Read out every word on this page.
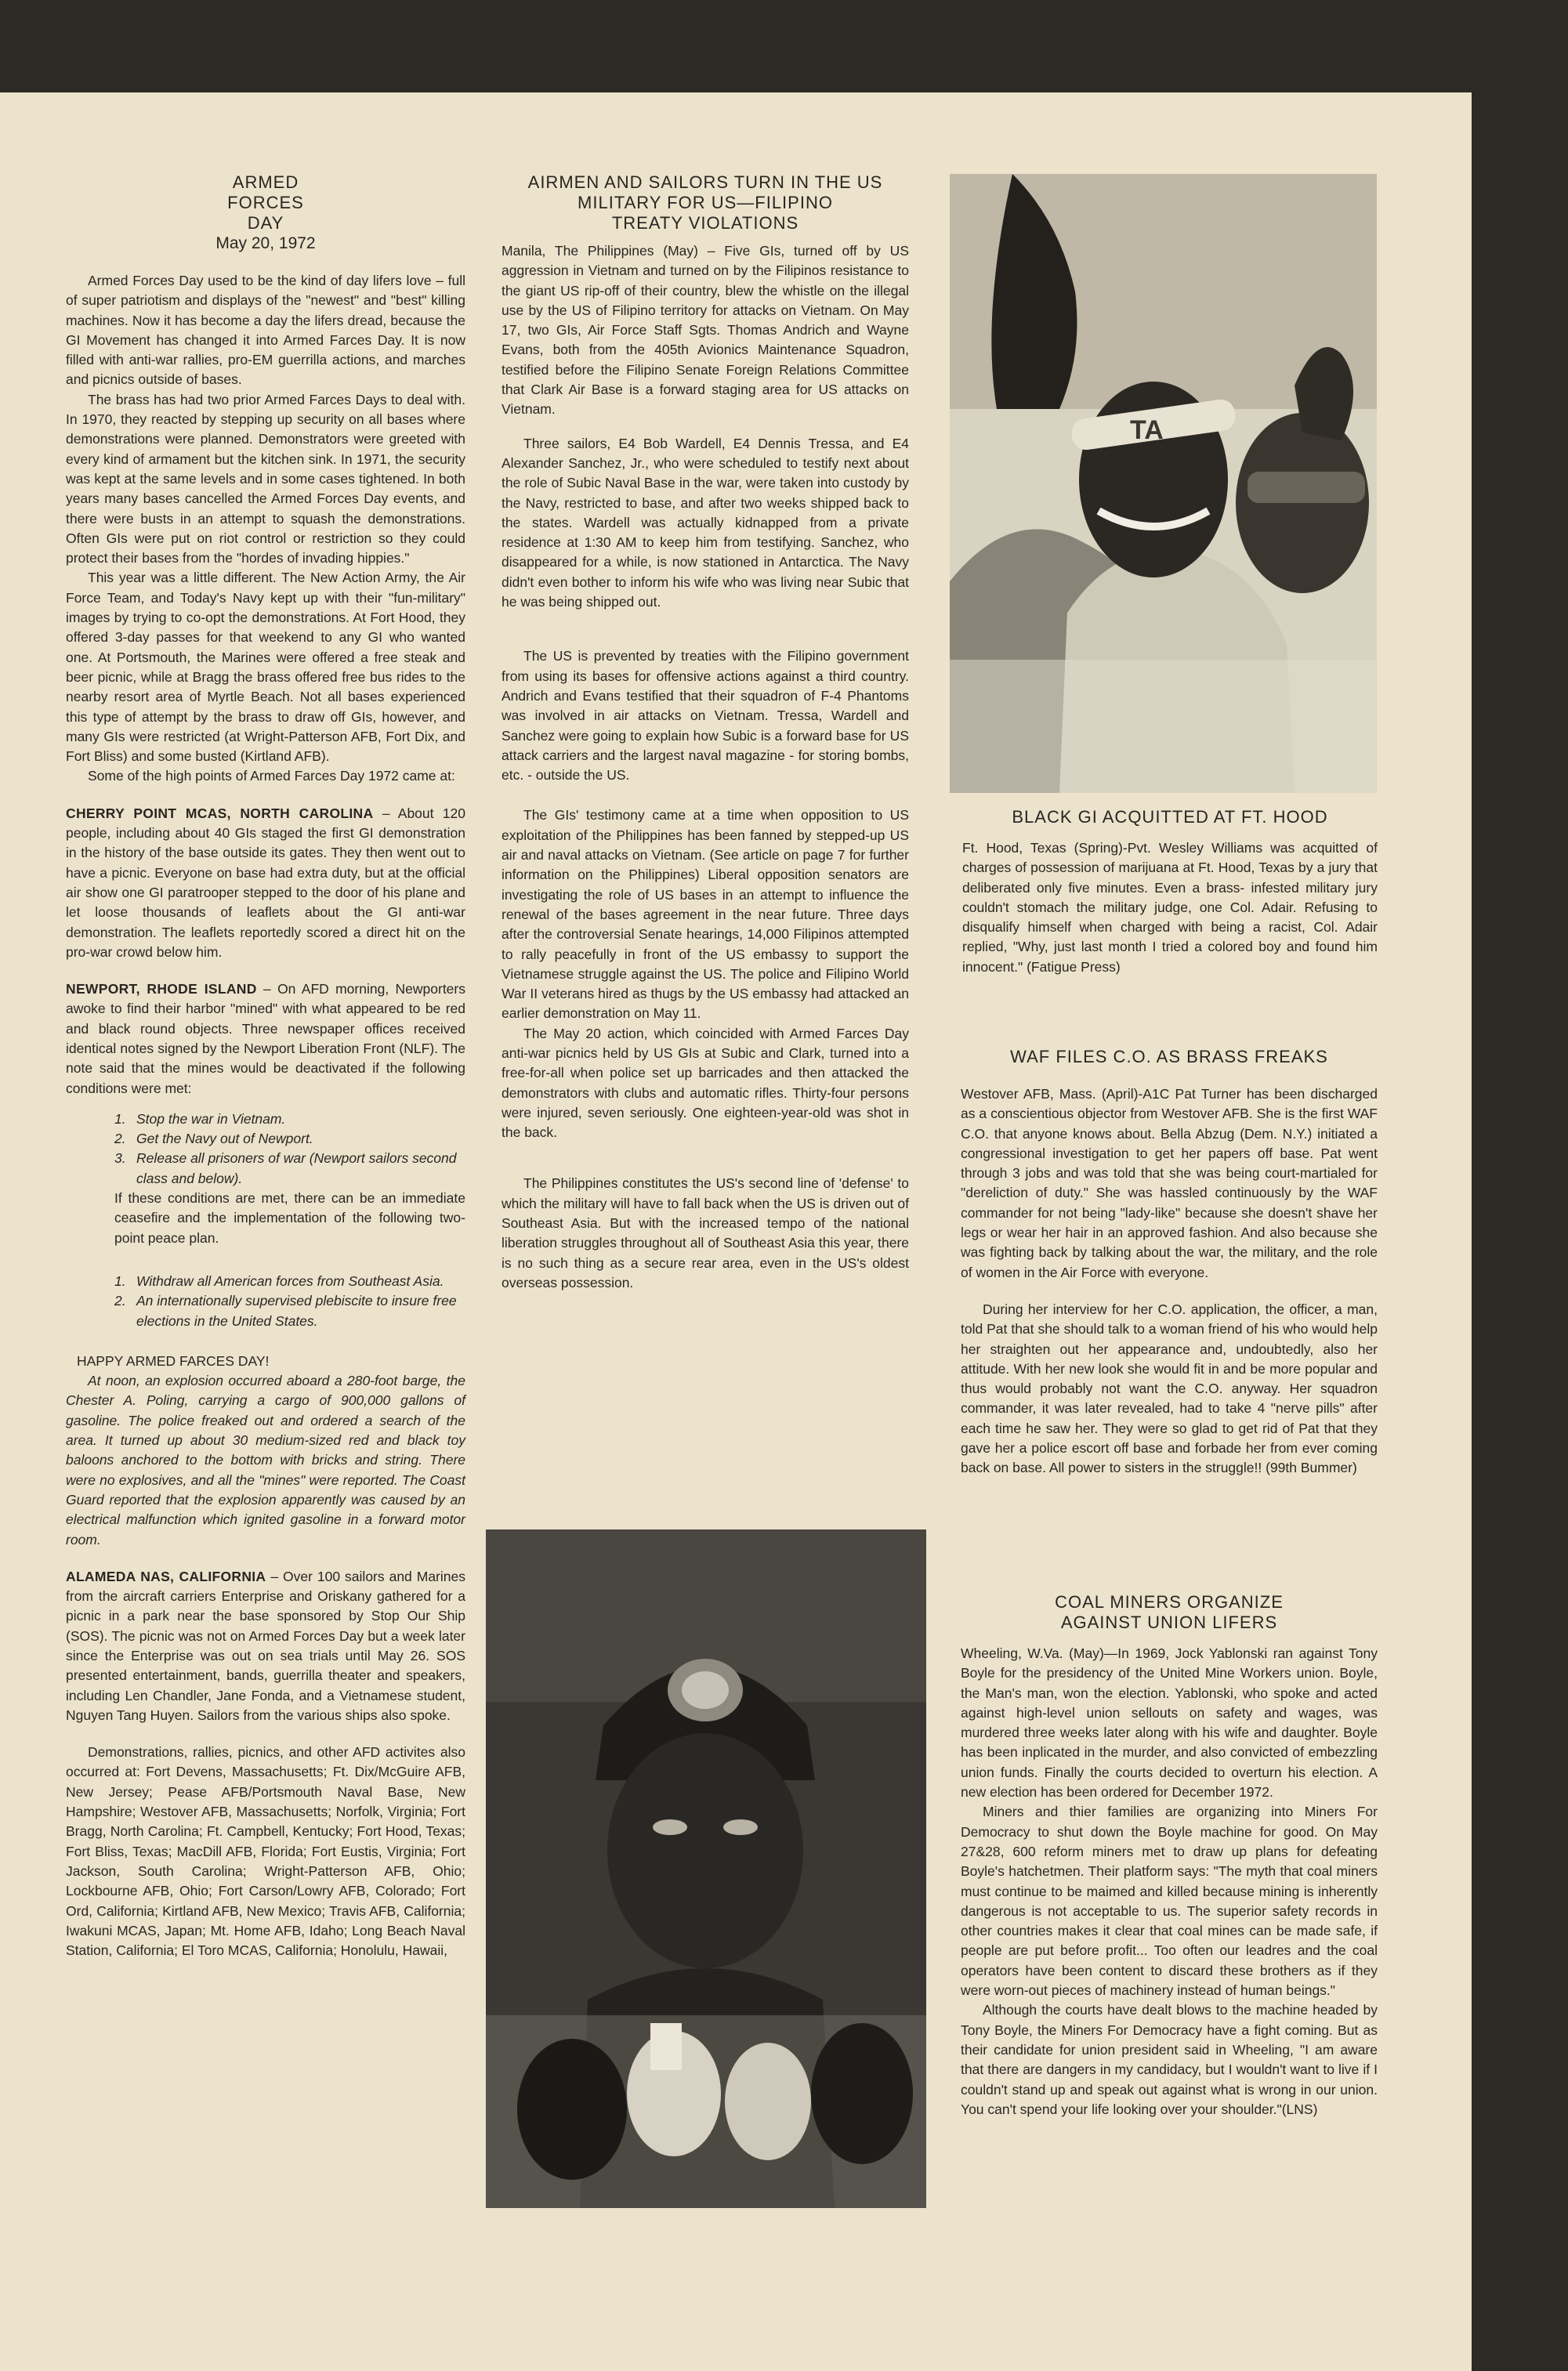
ARMED
FORCES
DAY
May 20, 1972

Armed Forces Day used to be the kind of day lifers love – full of super patriotism and displays of the "newest" and "best" killing machines. Now it has become a day the lifers dread, because the GI Movement has changed it into Armed Farces Day. It is now filled with anti-war rallies, pro-EM guerrilla actions, and marches and picnics outside of bases.

The brass has had two prior Armed Farces Days to deal with. In 1970, they reacted by stepping up security on all bases where demonstrations were planned. Demonstrators were greeted with every kind of armament but the kitchen sink. In 1971, the security was kept at the same levels and in some cases tightened. In both years many bases cancelled the Armed Forces Day events, and there were busts in an attempt to squash the demonstrations. Often GIs were put on riot control or restriction so they could protect their bases from the "hordes of invading hippies."

This year was a little different. The New Action Army, the Air Force Team, and Today's Navy kept up with their "fun-military" images by trying to co-opt the demonstrations. At Fort Hood, they offered 3-day passes for that weekend to any GI who wanted one. At Portsmouth, the Marines were offered a free steak and beer picnic, while at Bragg the brass offered free bus rides to the nearby resort area of Myrtle Beach. Not all bases experienced this type of attempt by the brass to draw off GIs, however, and many GIs were restricted (at Wright-Patterson AFB, Fort Dix, and Fort Bliss) and some busted (Kirtland AFB).

Some of the high points of Armed Farces Day 1972 came at:

CHERRY POINT MCAS, NORTH CAROLINA – About 120 people, including about 40 GIs staged the first GI demonstration in the history of the base outside its gates. They then went out to have a picnic. Everyone on base had extra duty, but at the official air show one GI paratrooper stepped to the door of his plane and let loose thousands of leaflets about the GI anti-war demonstration. The leaflets reportedly scored a direct hit on the pro-war crowd below him.

NEWPORT, RHODE ISLAND – On AFD morning, Newporters awoke to find their harbor "mined" with what appeared to be red and black round objects. Three newspaper offices received identical notes signed by the Newport Liberation Front (NLF). The note said that the mines would be deactivated if the following conditions were met:

1. Stop the war in Vietnam.
2. Get the Navy out of Newport.
3. Release all prisoners of war (Newport sailors second class and below).

If these conditions are met, there can be an immediate ceasefire and the implementation of the following two-point peace plan.

1. Withdraw all American forces from Southeast Asia.
2. An internationally supervised plebiscite to insure free elections in the United States.

HAPPY ARMED FARCES DAY!

At noon, an explosion occurred aboard a 280-foot barge, the Chester A. Poling, carrying a cargo of 900,000 gallons of gasoline. The police freaked out and ordered a search of the area. It turned up about 30 medium-sized red and black toy baloons anchored to the bottom with bricks and string. There were no explosives, and all the "mines" were reported. The Coast Guard reported that the explosion apparently was caused by an electrical malfunction which ignited gasoline in a forward motor room.

ALAMEDA NAS, CALIFORNIA – Over 100 sailors and Marines from the aircraft carriers Enterprise and Oriskany gathered for a picnic in a park near the base sponsored by Stop Our Ship (SOS). The picnic was not on Armed Forces Day but a week later since the Enterprise was out on sea trials until May 26. SOS presented entertainment, bands, guerrilla theater and speakers, including Len Chandler, Jane Fonda, and a Vietnamese student, Nguyen Tang Huyen. Sailors from the various ships also spoke.

Demonstrations, rallies, picnics, and other AFD activites also occurred at: Fort Devens, Massachusetts; Ft. Dix/McGuire AFB, New Jersey; Pease AFB/Portsmouth Naval Base, New Hampshire; Westover AFB, Massachusetts; Norfolk, Virginia; Fort Bragg, North Carolina; Ft. Campbell, Kentucky; Fort Hood, Texas; Fort Bliss, Texas; MacDill AFB, Florida; Fort Eustis, Virginia; Fort Jackson, South Carolina; Wright-Patterson AFB, Ohio; Lockbourne AFB, Ohio; Fort Carson/Lowry AFB, Colorado; Fort Ord, California; Kirtland AFB, New Mexico; Travis AFB, California; Iwakuni MCAS, Japan; Mt. Home AFB, Idaho; Long Beach Naval Station, California; El Toro MCAS, California; Honolulu, Hawaii,

AIRMEN AND SAILORS TURN IN THE US
MILITARY FOR US—FILIPINO
TREATY VIOLATIONS

Manila, The Philippines (May) – Five GIs, turned off by US aggression in Vietnam and turned on by the Filipinos resistance to the giant US rip-off of their country, blew the whistle on the illegal use by the US of Filipino territory for attacks on Vietnam. On May 17, two GIs, Air Force Staff Sgts. Thomas Andrich and Wayne Evans, both from the 405th Avionics Maintenance Squadron, testified before the Filipino Senate Foreign Relations Committee that Clark Air Base is a forward staging area for US attacks on Vietnam.

Three sailors, E4 Bob Wardell, E4 Dennis Tressa, and E4 Alexander Sanchez, Jr., who were scheduled to testify next about the role of Subic Naval Base in the war, were taken into custody by the Navy, restricted to base, and after two weeks shipped back to the states. Wardell was actually kidnapped from a private residence at 1:30 AM to keep him from testifying. Sanchez, who disappeared for a while, is now stationed in Antarctica. The Navy didn't even bother to inform his wife who was living near Subic that he was being shipped out.

The US is prevented by treaties with the Filipino government from using its bases for offensive actions against a third country. Andrich and Evans testified that their squadron of F-4 Phantoms was involved in air attacks on Vietnam. Tressa, Wardell and Sanchez were going to explain how Subic is a forward base for US attack carriers and the largest naval magazine - for storing bombs, etc. - outside the US.

The GIs' testimony came at a time when opposition to US exploitation of the Philippines has been fanned by stepped-up US air and naval attacks on Vietnam. (See article on page 7 for further information on the Philippines) Liberal opposition senators are investigating the role of US bases in an attempt to influence the renewal of the bases agreement in the near future. Three days after the controversial Senate hearings, 14,000 Filipinos attempted to rally peacefully in front of the US embassy to support the Vietnamese struggle against the US. The police and Filipino World War II veterans hired as thugs by the US embassy had attacked an earlier demonstration on May 11.

The May 20 action, which coincided with Armed Farces Day anti-war picnics held by US GIs at Subic and Clark, turned into a free-for-all when police set up barricades and then attacked the demonstrators with clubs and automatic rifles. Thirty-four persons were injured, seven seriously. One eighteen-year-old was shot in the back.

The Philippines constitutes the US's second line of 'defense' to which the military will have to fall back when the US is driven out of Southeast Asia. But with the increased tempo of the national liberation struggles throughout all of Southeast Asia this year, there is no such thing as a secure rear area, even in the US's oldest overseas possession.

TA
BLACK GI ACQUITTED AT FT. HOOD

Ft. Hood, Texas (Spring)-Pvt. Wesley Williams was acquitted of charges of possession of marijuana at Ft. Hood, Texas by a jury that deliberated only five minutes. Even a brass- infested military jury couldn't stomach the military judge, one Col. Adair. Refusing to disqualify himself when charged with being a racist, Col. Adair replied, "Why, just last month I tried a colored boy and found him innocent." (Fatigue Press)

WAF FILES C.O. AS BRASS FREAKS

Westover AFB, Mass. (April)-A1C Pat Turner has been discharged as a conscientious objector from Westover AFB. She is the first WAF C.O. that anyone knows about. Bella Abzug (Dem. N.Y.) initiated a congressional investigation to get her papers off base. Pat went through 3 jobs and was told that she was being court-martialed for "dereliction of duty." She was hassled continuously by the WAF commander for not being "lady-like" because she doesn't shave her legs or wear her hair in an approved fashion. And also because she was fighting back by talking about the war, the military, and the role of women in the Air Force with everyone.

During her interview for her C.O. application, the officer, a man, told Pat that she should talk to a woman friend of his who would help her straighten out her appearance and, undoubtedly, also her attitude. With her new look she would fit in and be more popular and thus would probably not want the C.O. anyway. Her squadron commander, it was later revealed, had to take 4 "nerve pills" after each time he saw her. They were so glad to get rid of Pat that they gave her a police escort off base and forbade her from ever coming back on base. All power to sisters in the struggle!! (99th Bummer)

COAL MINERS ORGANIZE
AGAINST UNION LIFERS

Wheeling, W.Va. (May)—In 1969, Jock Yablonski ran against Tony Boyle for the presidency of the United Mine Workers union. Boyle, the Man's man, won the election. Yablonski, who spoke and acted against high-level union sellouts on safety and wages, was murdered three weeks later along with his wife and daughter. Boyle has been inplicated in the murder, and also convicted of embezzling union funds. Finally the courts decided to overturn his election. A new election has been ordered for December 1972.

Miners and thier families are organizing into Miners For Democracy to shut down the Boyle machine for good. On May 27&28, 600 reform miners met to draw up plans for defeating Boyle's hatchetmen. Their platform says: "The myth that coal miners must continue to be maimed and killed because mining is inherently dangerous is not acceptable to us. The superior safety records in other countries makes it clear that coal mines can be made safe, if people are put before profit... Too often our leadres and the coal operators have been content to discard these brothers as if they were worn-out pieces of machinery instead of human beings."

Although the courts have dealt blows to the machine headed by Tony Boyle, the Miners For Democracy have a fight coming. But as their candidate for union president said in Wheeling, "I am aware that there are dangers in my candidacy, but I wouldn't want to live if I couldn't stand up and speak out against what is wrong in our union. You can't spend your life looking over your shoulder."(LNS)
